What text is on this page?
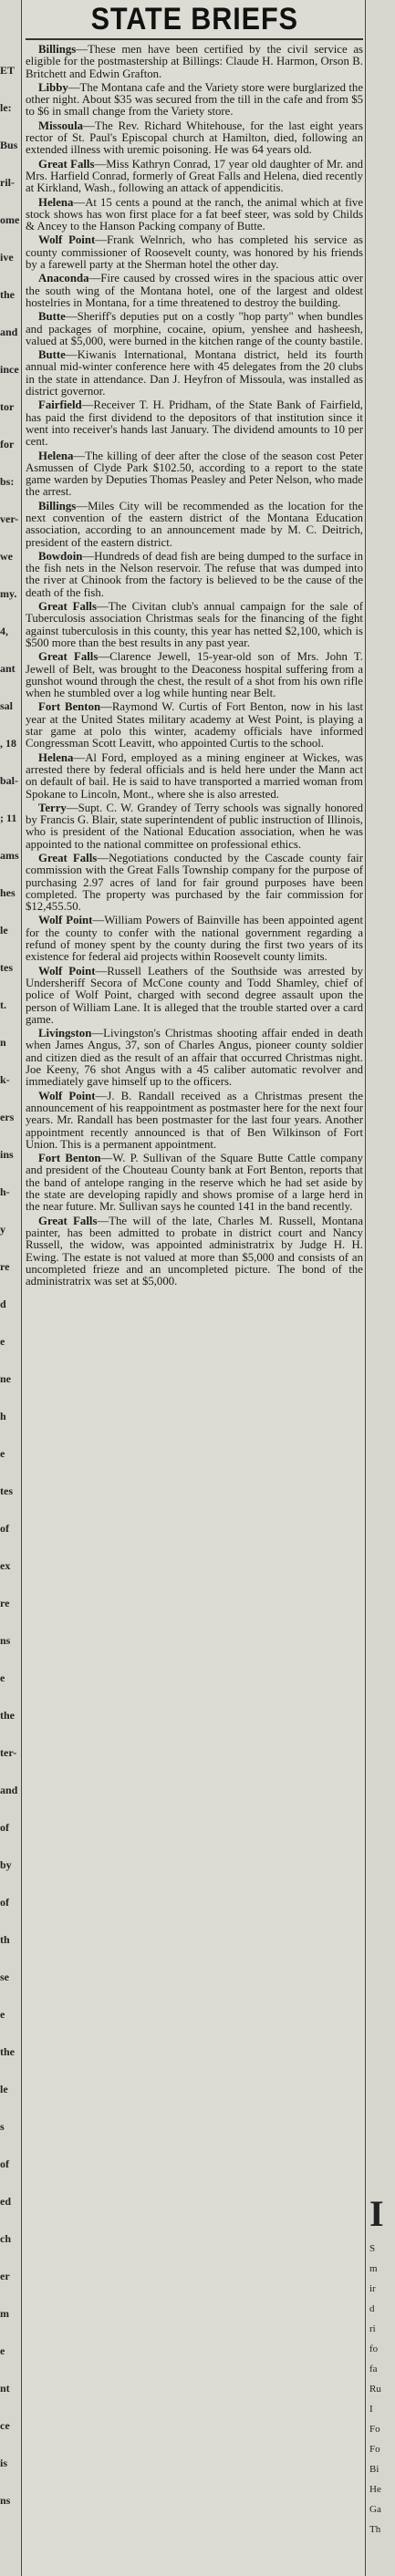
ET
le:
Bus
ril-
ome
ive
the
and
ince
tor
for
bs:
ver-
we
my.
4,
ant
sal
, 18
bal-
; 11
ams
hes
le
tes
t.
n
k-
ers
ins
h-
y
re
d
e
ne
h
e
tes
of
ex
re
ns
e
the
ter-
and
of
by
of
th
se
e
the
le
s
of
ed
ch
er
m
e
nt
ce
is
ns
STATE BRIEFS

Billings—These men have been certified by the civil service as eligible for the postmastership at Billings: Claude H. Harmon, Orson B. Britchett and Edwin Grafton.

Libby—The Montana cafe and the Variety store were burglarized the other night. About $35 was secured from the till in the cafe and from $5 to $6 in small change from the Variety store.

Missoula—The Rev. Richard Whitehouse, for the last eight years rector of St. Paul's Episcopal church at Hamilton, died, following an extended illness with uremic poisoning. He was 64 years old.

Great Falls—Miss Kathryn Conrad, 17 year old daughter of Mr. and Mrs. Harfield Conrad, formerly of Great Falls and Helena, died recently at Kirkland, Wash., following an attack of appendicitis.

Helena—At 15 cents a pound at the ranch, the animal which at five stock shows has won first place for a fat beef steer, was sold by Childs & Ancey to the Hanson Packing company of Butte.

Wolf Point—Frank Welnrich, who has completed his service as county commissioner of Roosevelt county, was honored by his friends by a farewell party at the Sherman hotel the other day.

Anaconda—Fire caused by crossed wires in the spacious attic over the south wing of the Montana hotel, one of the largest and oldest hostelries in Montana, for a time threatened to destroy the building.

Butte—Sheriff's deputies put on a costly "hop party" when bundles and packages of morphine, cocaine, opium, yenshee and hasheesh, valued at $5,000, were burned in the kitchen range of the county bastile.

Butte—Kiwanis International, Montana district, held its fourth annual mid-winter conference here with 45 delegates from the 20 clubs in the state in attendance. Dan J. Heyfron of Missoula, was installed as district governor.

Fairfield—Receiver T. H. Pridham, of the State Bank of Fairfield, has paid the first dividend to the depositors of that institution since it went into receiver's hands last January. The dividend amounts to 10 per cent.

Helena—The killing of deer after the close of the season cost Peter Asmussen of Clyde Park $102.50, according to a report to the state game warden by Deputies Thomas Peasley and Peter Nelson, who made the arrest.

Billings—Miles City will be recommended as the location for the next convention of the eastern district of the Montana Education association, according to an announcement made by M. C. Deitrich, president of the eastern district.

Bowdoin—Hundreds of dead fish are being dumped to the surface in the fish nets in the Nelson reservoir. The refuse that was dumped into the river at Chinook from the factory is believed to be the cause of the death of the fish.

Great Falls—The Civitan club's annual campaign for the sale of Tuberculosis association Christmas seals for the financing of the fight against tuberculosis in this county, this year has netted $2,100, which is $500 more than the best results in any past year.

Great Falls—Clarence Jewell, 15-year-old son of Mrs. John T. Jewell of Belt, was brought to the Deaconess hospital suffering from a gunshot wound through the chest, the result of a shot from his own rifle when he stumbled over a log while hunting near Belt.

Fort Benton—Raymond W. Curtis of Fort Benton, now in his last year at the United States military academy at West Point, is playing a star game at polo this winter, academy officials have informed Congressman Scott Leavitt, who appointed Curtis to the school.

Helena—Al Ford, employed as a mining engineer at Wickes, was arrested there by federal officials and is held here under the Mann act on default of bail. He is said to have transported a married woman from Spokane to Lincoln, Mont., where she is also arrested.

Terry—Supt. C. W. Grandey of Terry schools was signally honored by Francis G. Blair, state superintendent of public instruction of Illinois, who is president of the National Education association, when he was appointed to the national committee on professional ethics.

Great Falls—Negotiations conducted by the Cascade county fair commission with the Great Falls Township company for the purpose of purchasing 2.97 acres of land for fair ground purposes have been completed. The property was purchased by the fair commission for $12,455.50.

Wolf Point—William Powers of Bainville has been appointed agent for the county to confer with the national government regarding a refund of money spent by the county during the first two years of its existence for federal aid projects within Roosevelt county limits.

Wolf Point—Russell Leathers of the Southside was arrested by Undersheriff Secora of McCone county and Todd Shamley, chief of police of Wolf Point, charged with second degree assault upon the person of William Lane. It is alleged that the trouble started over a card game.

Livingston—Livingston's Christmas shooting affair ended in death when James Angus, 37, son of Charles Angus, pioneer county soldier and citizen died as the result of an affair that occurred Christmas night. Joe Keeny, 76 shot Angus with a 45 caliber automatic revolver and immediately gave himself up to the officers.

Wolf Point—J. B. Randall received as a Christmas present the announcement of his reappointment as postmaster here for the next four years. Mr. Randall has been postmaster for the last four years. Another appointment recently announced is that of Ben Wilkinson of Fort Union. This is a permanent appointment.

Fort Benton—W. P. Sullivan of the Square Butte Cattle company and president of the Chouteau County bank at Fort Benton, reports that the band of antelope ranging in the reserve which he had set aside by the state are developing rapidly and shows promise of a large herd in the near future. Mr. Sullivan says he counted 141 in the band recently.

Great Falls—The will of the late, Charles M. Russell, Montana painter, has been admitted to probate in district court and Nancy Russell, the widow, was appointed administratrix by Judge H. H. Ewing. The estate is not valued at more than $5,000 and consists of an uncompleted frieze and an uncompleted picture. The bond of the administratrix was set at $5,000.

S
m
ir
d
ri
fo
fa
Ru
I
Fo
Fo
Bi
He
Ga
Th
I
